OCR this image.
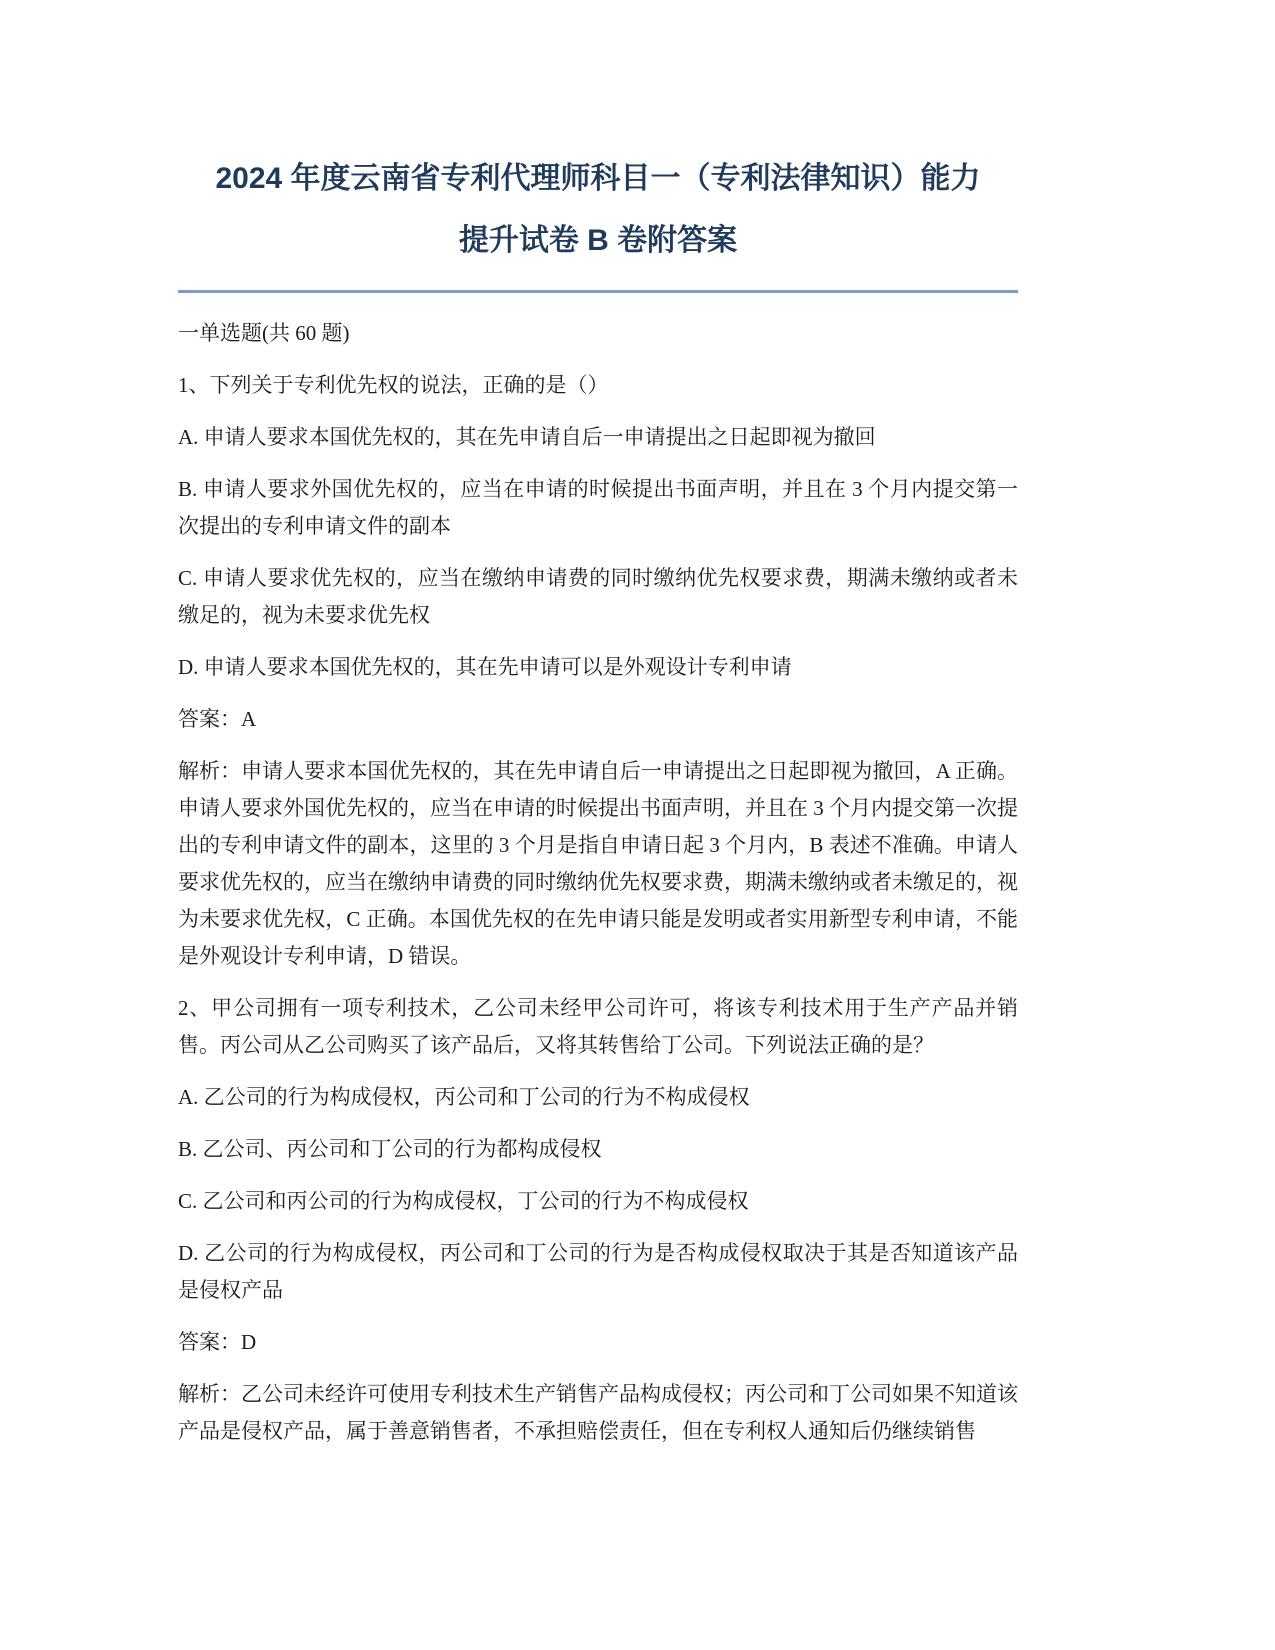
2024 年度云南省专利代理师科目一（专利法律知识）能力
提升试卷 B 卷附答案

一单选题(共 60 题)

1、下列关于专利优先权的说法，正确的是（）

A. 申请人要求本国优先权的，其在先申请自后一申请提出之日起即视为撤回

B. 申请人要求外国优先权的，应当在申请的时候提出书面声明，并且在 3 个月内提交第一次提出的专利申请文件的副本

C. 申请人要求优先权的，应当在缴纳申请费的同时缴纳优先权要求费，期满未缴纳或者未缴足的，视为未要求优先权

D. 申请人要求本国优先权的，其在先申请可以是外观设计专利申请

答案：A

解析：申请人要求本国优先权的，其在先申请自后一申请提出之日起即视为撤回，A 正确。申请人要求外国优先权的，应当在申请的时候提出书面声明，并且在 3 个月内提交第一次提出的专利申请文件的副本，这里的 3 个月是指自申请日起 3 个月内，B 表述不准确。申请人要求优先权的，应当在缴纳申请费的同时缴纳优先权要求费，期满未缴纳或者未缴足的，视为未要求优先权，C 正确。本国优先权的在先申请只能是发明或者实用新型专利申请，不能是外观设计专利申请，D 错误。

2、甲公司拥有一项专利技术，乙公司未经甲公司许可，将该专利技术用于生产产品并销售。丙公司从乙公司购买了该产品后，又将其转售给丁公司。下列说法正确的是？

A. 乙公司的行为构成侵权，丙公司和丁公司的行为不构成侵权

B. 乙公司、丙公司和丁公司的行为都构成侵权

C. 乙公司和丙公司的行为构成侵权，丁公司的行为不构成侵权

D. 乙公司的行为构成侵权，丙公司和丁公司的行为是否构成侵权取决于其是否知道该产品是侵权产品

答案：D

解析：乙公司未经许可使用专利技术生产销售产品构成侵权；丙公司和丁公司如果不知道该产品是侵权产品，属于善意销售者，不承担赔偿责任，但在专利权人通知后仍继续销售
